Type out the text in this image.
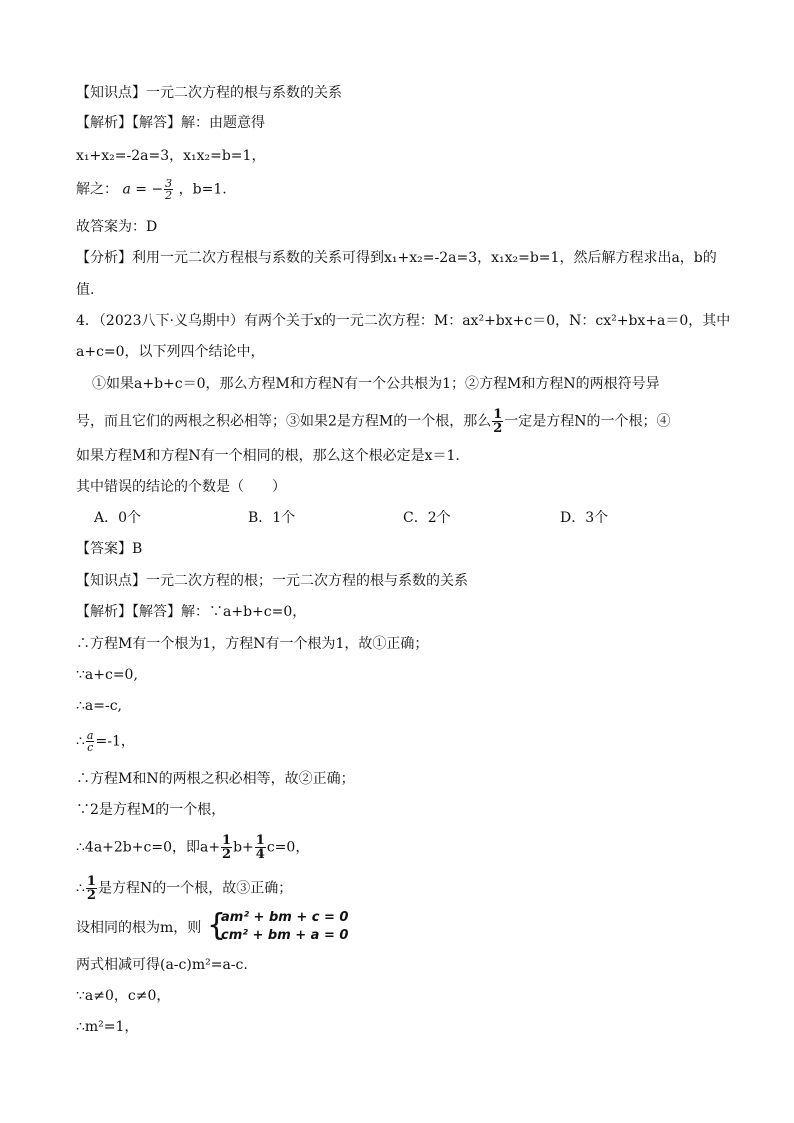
【知识点】一元二次方程的根与系数的关系
【解析】【解答】解：由题意得
x₁+x₂=-2a=3，x₁x₂=b=1，
解之： a = − $\frac{3}{2}$ ，b=1.
故答案为：D
【分析】利用一元二次方程根与系数的关系可得到x₁+x₂=-2a=3，x₁x₂=b=1，然后解方程求出a，b的
值.
4．（2023八下·义乌期中）有两个关于x的一元二次方程：M：ax²+bx+c＝0，N：cx²+bx+a＝0，其中
a+c=0，以下列四个结论中，
①如果a+b+c＝0，那么方程M和方程N有一个公共根为1；②方程M和方程N的两根符号异
号，而且它们的两根之积必相等；③如果2是方程M的一个根，那么 $\frac{1}{2}$ 一定是方程N的一个根；④
如果方程M和方程N有一个相同的根，那么这个根必定是x＝1.
其中错误的结论的个数是（　　）
A．0个	B．1个	C．2个	D．3个
【答案】B
【知识点】一元二次方程的根；一元二次方程的根与系数的关系
【解析】【解答】解：∵a+b+c=0，
∴方程M有一个根为1，方程N有一个根为1，故①正确；
∵a+c=0,
∴a=-c,
∴ $\frac{a}{c} =-1$，
∴方程M和N的两根之积必相等，故②正确；
∵2是方程M的一个根，
∴4a+2b+c=0，即$a+ \frac{1}{2} b+ \frac{1}{4} c=0$，
∴ $\frac{1}{2}$ 是方程N的一个根，故③正确；
设相同的根为m，则 {
am² + bm + c = 0
cm² + bm + a = 0
两式相减可得(a-c)m²=a-c.
∵a≠0，c≠0，
∴m²=1，
